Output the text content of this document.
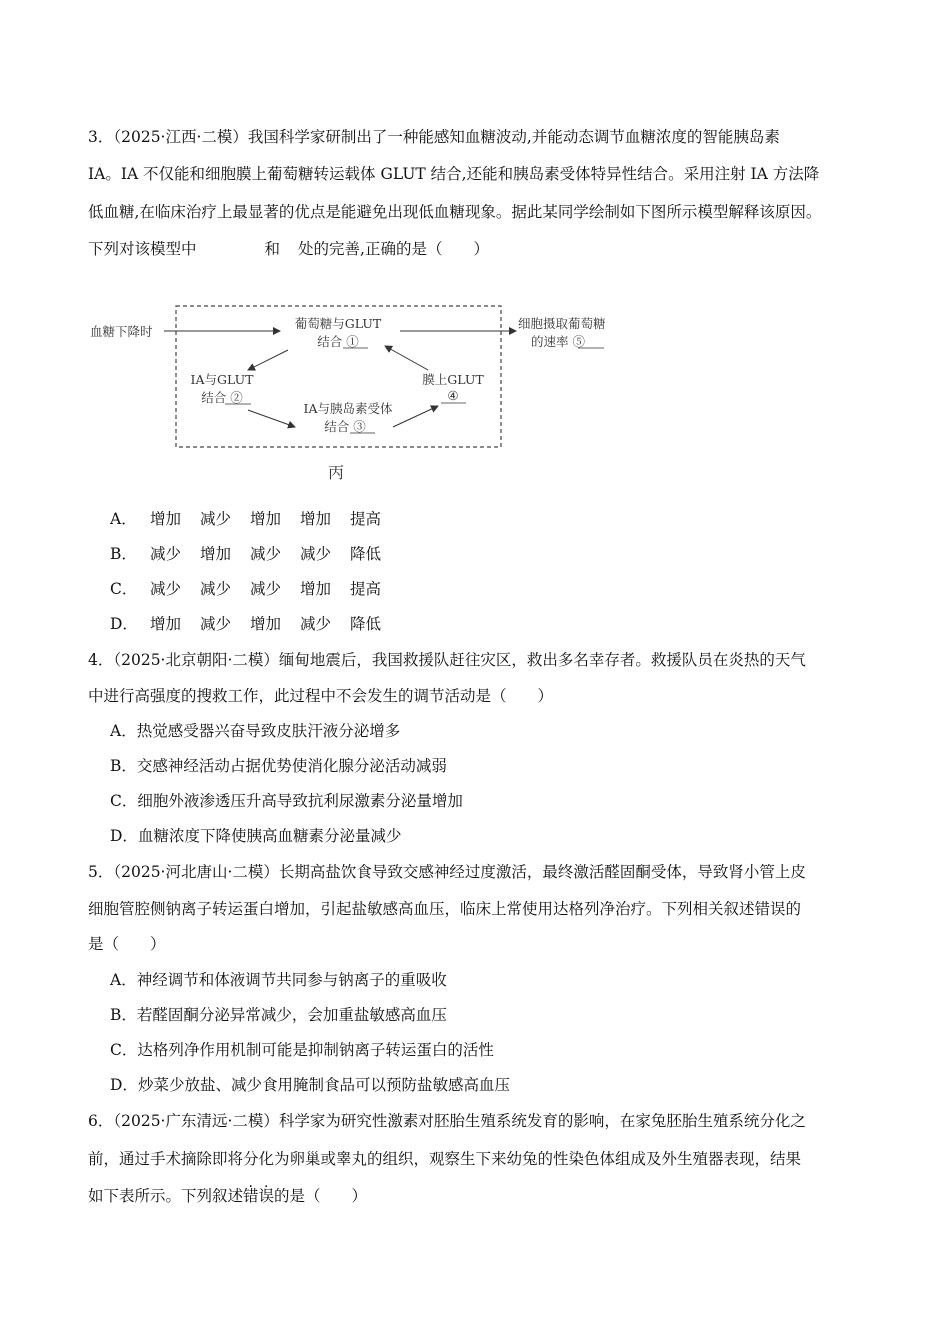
3．（2025·江西·二模）我国科学家研制出了一种能感知血糖波动,并能动态调节血糖浓度的智能胰岛素
IA。IA 不仅能和细胞膜上葡萄糖转运载体 GLUT 结合,还能和胰岛素受体特异性结合。采用注射 IA 方法降
低血糖,在临床治疗上最显著的优点是能避免出现低血糖现象。据此某同学绘制如下图所示模型解释该原因。
下列对该模型中	和 处的完善,正确的是（　　）
血糖下降时
葡萄糖与GLUT
结合 ①
细胞摄取葡萄糖
的速率 ⑤
IA与GLUT
结合 ②
IA与胰岛素受体
结合 ③
膜上GLUT
④
丙
A． 增加 减少 增加 增加 提高
B． 减少 增加 减少 减少 降低
C． 减少 减少 减少 增加 提高
D． 增加 减少 增加 减少 降低
4．（2025·北京朝阳·二模）缅甸地震后，我国救援队赶往灾区，救出多名幸存者。救援队员在炎热的天气
中进行高强度的搜救工作，此过程中不会发生的调节活动是（　　）
A．热觉感受器兴奋导致皮肤汗液分泌增多
B．交感神经活动占据优势使消化腺分泌活动减弱
C．细胞外液渗透压升高导致抗利尿激素分泌量增加
D．血糖浓度下降使胰高血糖素分泌量减少
5．（2025·河北唐山·二模）长期高盐饮食导致交感神经过度激活，最终激活醛固酮受体，导致肾小管上皮
细胞管腔侧钠离子转运蛋白增加，引起盐敏感高血压，临床上常使用达格列净治疗。下列相关叙述错误的
是（　　）
A．神经调节和体液调节共同参与钠离子的重吸收
B．若醛固酮分泌异常减少，会加重盐敏感高血压
C．达格列净作用机制可能是抑制钠离子转运蛋白的活性
D．炒菜少放盐、减少食用腌制食品可以预防盐敏感高血压
6．（2025·广东清远·二模）科学家为研究性激素对胚胎生殖系统发育的影响，在家兔胚胎生殖系统分化之
前，通过手术摘除即将分化为卵巢或睾丸的组织，观察生下来幼兔的性染色体组成及外生殖器表现，结果
如下表所示。下列叙述错误的是（　　）
